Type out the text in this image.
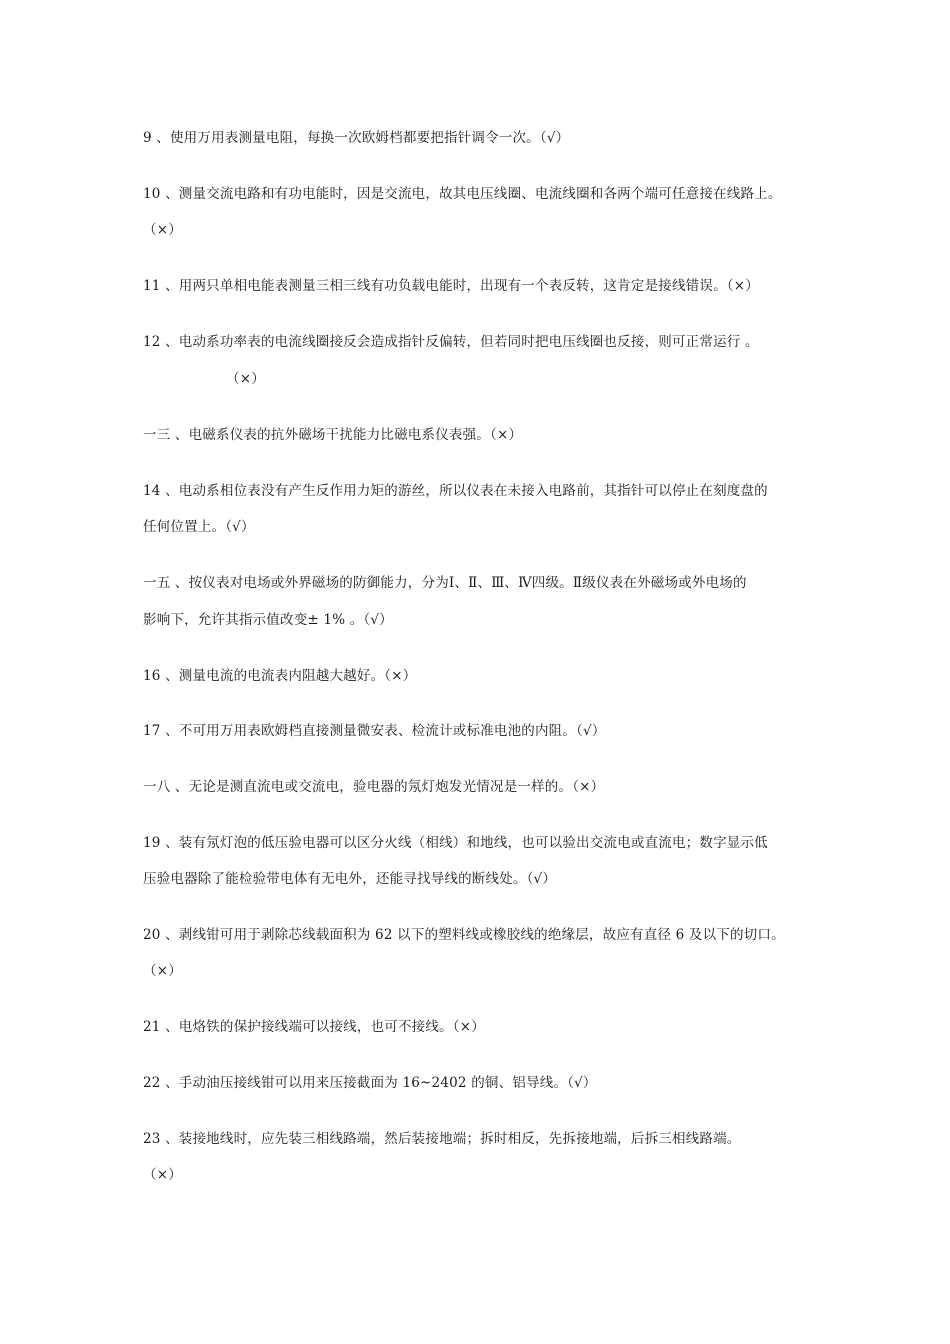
9 、使用万用表测量电阻，每换一次欧姆档都要把指针调令一次。（√）
10 、测量交流电路和有功电能时，因是交流电，故其电压线圈、电流线圈和各两个端可任意接在线路上。
（×）
11 、用两只单相电能表测量三相三线有功负载电能时，出现有一个表反转，这肯定是接线错误。（×）
12 、电动系功率表的电流线圈接反会造成指针反偏转，但若同时把电压线圈也反接，则可正常运行 。
（×）
一三 、电磁系仪表的抗外磁场干扰能力比磁电系仪表强。（×）
14 、电动系相位表没有产生反作用力矩的游丝，所以仪表在未接入电路前，其指针可以停止在刻度盘的
任何位置上。（√）
一五 、按仪表对电场或外界磁场的防御能力，分为Ⅰ、Ⅱ、Ⅲ、Ⅳ四级。Ⅱ级仪表在外磁场或外电场的
影响下，允许其指示值改变± 1% 。（√）
16 、测量电流的电流表内阻越大越好。（×）
17 、不可用万用表欧姆档直接测量微安表、检流计或标准电池的内阻。（√）
一八 、无论是测直流电或交流电，验电器的氖灯炮发光情况是一样的。（×）
19 、装有氖灯泡的低压验电器可以区分火线（相线）和地线，也可以验出交流电或直流电；数字显示低
压验电器除了能检验带电体有无电外，还能寻找导线的断线处。（√）
20 、剥线钳可用于剥除芯线载面积为 62 以下的塑料线或橡胶线的绝缘层，故应有直径 6 及以下的切口。
（×）
21 、电烙铁的保护接线端可以接线，也可不接线。（×）
22 、手动油压接线钳可以用来压接截面为 16~2402 的铜、铝导线。（√）
23 、装接地线时，应先装三相线路端，然后装接地端；拆时相反，先拆接地端，后拆三相线路端。
（×）
